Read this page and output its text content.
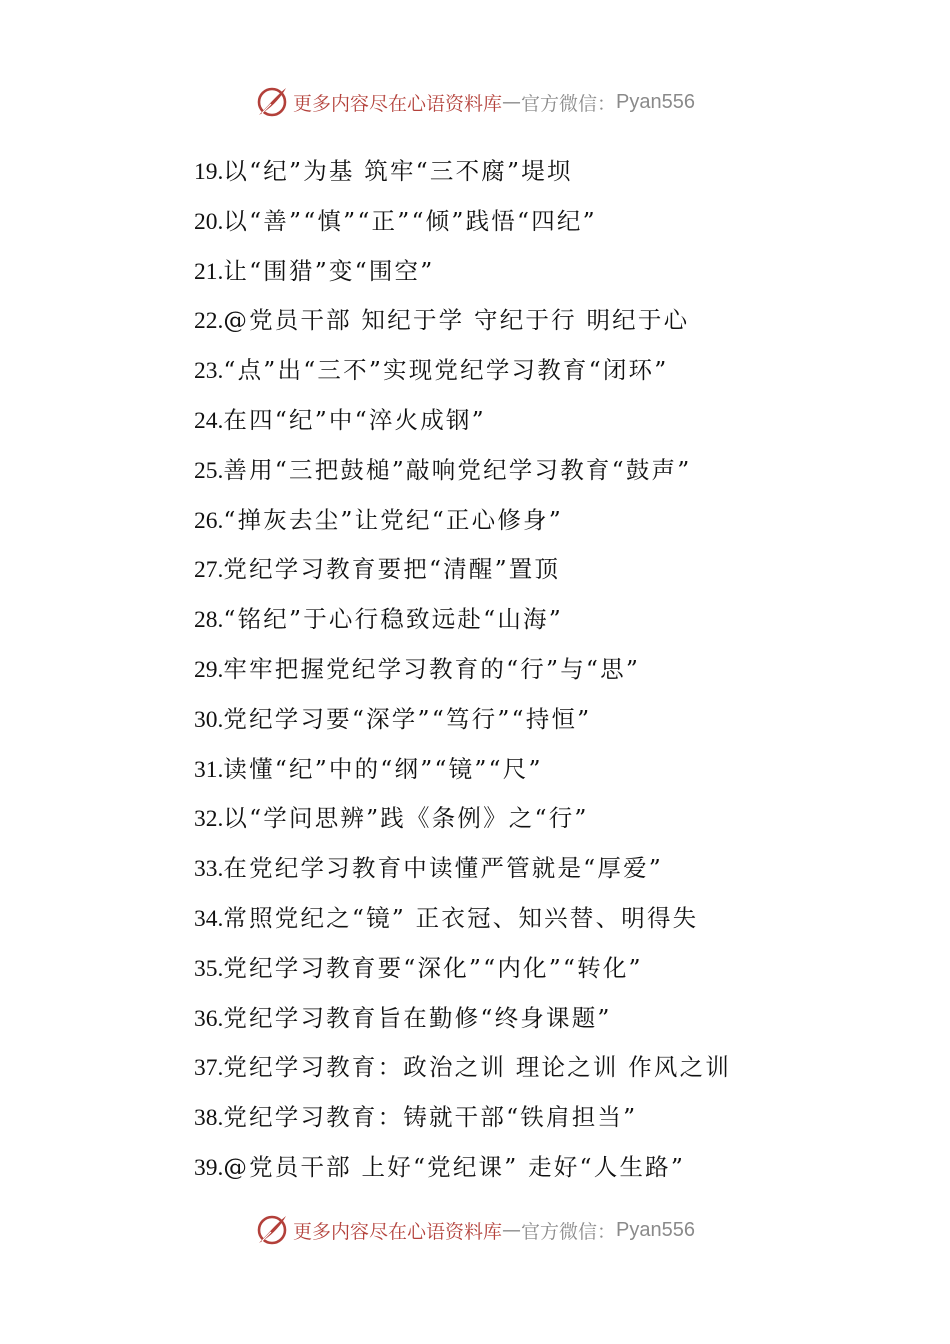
更多内容尽在心语资料库 — 官方微信： Pyan556
19.以“纪”为基 筑牢“三不腐”堤坝
20.以“善”“慎”“正”“倾”践悟“四纪”
21.让“围猎”变“围空”
22.@党员干部 知纪于学 守纪于行 明纪于心
23.“点”出“三不”实现党纪学习教育“闭环”
24.在四“纪”中“淬火成钢”
25.善用“三把鼓槌”敲响党纪学习教育“鼓声”
26.“掸灰去尘”让党纪“正心修身”
27.党纪学习教育要把“清醒”置顶
28.“铭纪”于心行稳致远赴“山海”
29.牢牢把握党纪学习教育的“行”与“思”
30.党纪学习要“深学”“笃行”“持恒”
31.读懂“纪”中的“纲”“镜”“尺”
32.以“学问思辨”践《条例》之“行”
33.在党纪学习教育中读懂严管就是“厚爱”
34.常照党纪之“镜” 正衣冠、知兴替、明得失
35.党纪学习教育要“深化”“内化”“转化”
36.党纪学习教育旨在勤修“终身课题”
37.党纪学习教育：政治之训 理论之训 作风之训
38.党纪学习教育：铸就干部“铁肩担当”
39.@党员干部 上好“党纪课” 走好“人生路”
更多内容尽在心语资料库 — 官方微信： Pyan556
